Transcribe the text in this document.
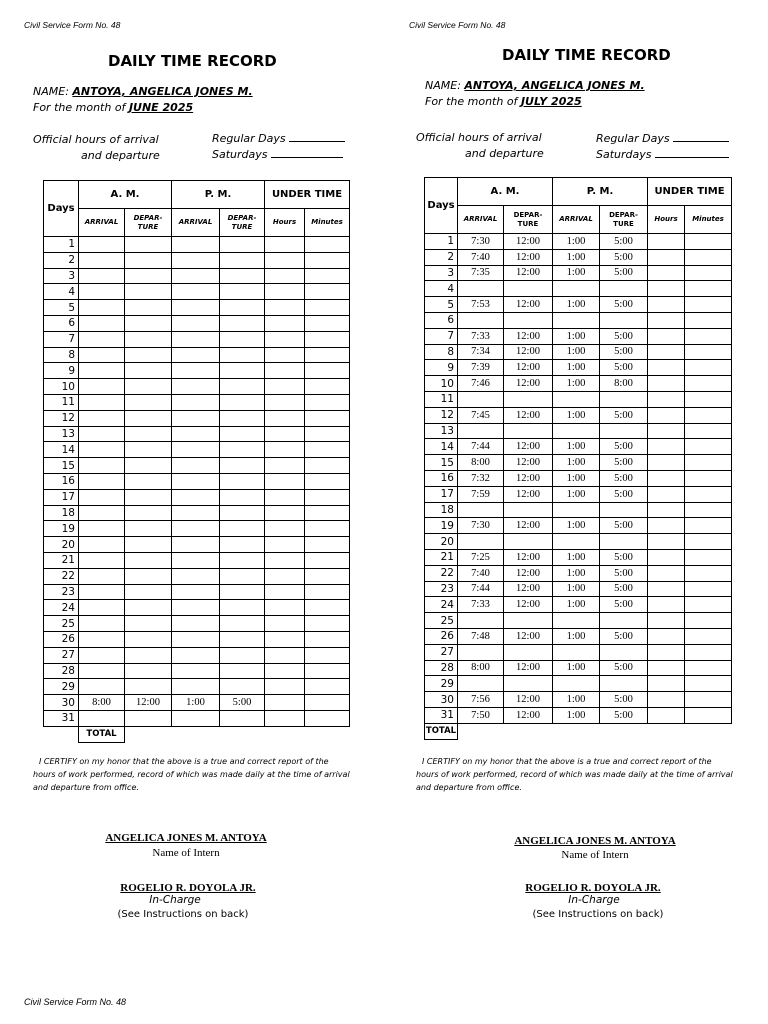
Civil Service Form No. 48
DAILY TIME RECORD
NAME: ANTOYA, ANGELICA JONES M.
For the month of JUNE 2025
Official hours of arrival
and departure
Regular Days
Saturdays
Days	A. M.		P. M.		UNDER TIME	
	ARRIVAL	DEPAR-TURE	ARRIVAL	DEPAR-TURE	Hours	Minutes
1						
2						
3						
4						
5						
6						
7						
8						
9						
10						
11						
12						
13						
14						
15						
16						
17						
18						
19						
20						
21						
22						
23						
24						
25						
26						
27						
28						
29						
30	8:00	12:00	1:00	5:00		
31						
	TOTAL					
I CERTIFY on my honor that the above is a true and correct report of the hours of work performed, record of which was made daily at the time of arrival and departure from office.
ANGELICA JONES M. ANTOYA
Name of Intern
ROGELIO R. DOYOLA JR.
In-Charge
(See Instructions on back)
Civil Service Form No. 48
DAILY TIME RECORD
NAME: ANTOYA, ANGELICA JONES M.
For the month of JULY 2025
Official hours of arrival
and departure
Regular Days
Saturdays
Days	A. M.		P. M.		UNDER TIME	
	ARRIVAL	DEPAR-TURE	ARRIVAL	DEPAR-TURE	Hours	Minutes
1	7:30	12:00	1:00	5:00		
2	7:40	12:00	1:00	5:00		
3	7:35	12:00	1:00	5:00		
4						
5	7:53	12:00	1:00	5:00		
6						
7	7:33	12:00	1:00	5:00		
8	7:34	12:00	1:00	5:00		
9	7:39	12:00	1:00	5:00		
10	7:46	12:00	1:00	8:00		
11						
12	7:45	12:00	1:00	5:00		
13						
14	7:44	12:00	1:00	5:00		
15	8:00	12:00	1:00	5:00		
16	7:32	12:00	1:00	5:00		
17	7:59	12:00	1:00	5:00		
18						
19	7:30	12:00	1:00	5:00		
20						
21	7:25	12:00	1:00	5:00		
22	7:40	12:00	1:00	5:00		
23	7:44	12:00	1:00	5:00		
24	7:33	12:00	1:00	5:00		
25						
26	7:48	12:00	1:00	5:00		
27						
28	8:00	12:00	1:00	5:00		
29						
30	7:56	12:00	1:00	5:00		
31	7:50	12:00	1:00	5:00		
TOTAL						
I CERTIFY on my honor that the above is a true and correct report of the hours of work performed, record of which was made daily at the time of arrival and departure from office.
ANGELICA JONES M. ANTOYA
Name of Intern
ROGELIO R. DOYOLA JR.
In-Charge
(See Instructions on back)
Civil Service Form No. 48
